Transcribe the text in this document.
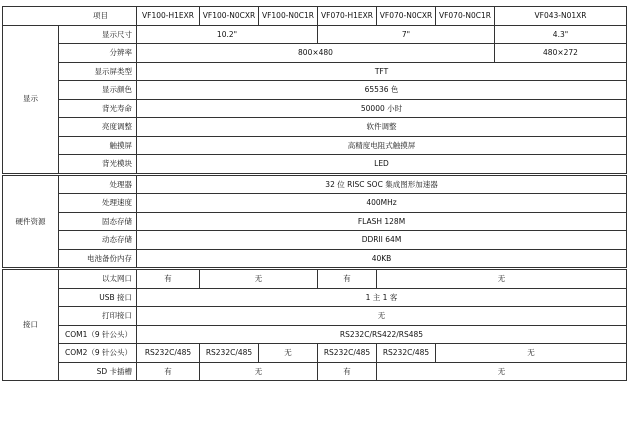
项目		VF100-H1EXR	VF100-N0CXR	VF100-N0C1R	VF070-H1EXR	VF070-N0CXR	VF070-N0C1R	VF043-N01XR
显示	显示尺寸	10.2"			7"			4.3"
	分辨率	800×480						480×272
	显示屏类型	TFT						
	显示颜色	65536 色						
	背光寿命	50000 小时						
	亮度调整	软件调整						
	触摸屏	高精度电阻式触摸屏						
	背光模块	LED						
硬件资源	处理器	32 位 RISC SOC 集成图形加速器						
	处理速度	400MHz						
	固态存储	FLASH 128M						
	动态存储	DDRII 64M						
	电池备份内存	40KB						
接口	以太网口	有	无		有	无		
	USB 接口	1 主 1 客						
	打印接口	无						
	COM1（9 针公头）	RS232C/RS422/RS485						
	COM2（9 针公头）	RS232C/485	RS232C/485	无	RS232C/485	RS232C/485	无	
	SD 卡插槽	有	无		有	无		
